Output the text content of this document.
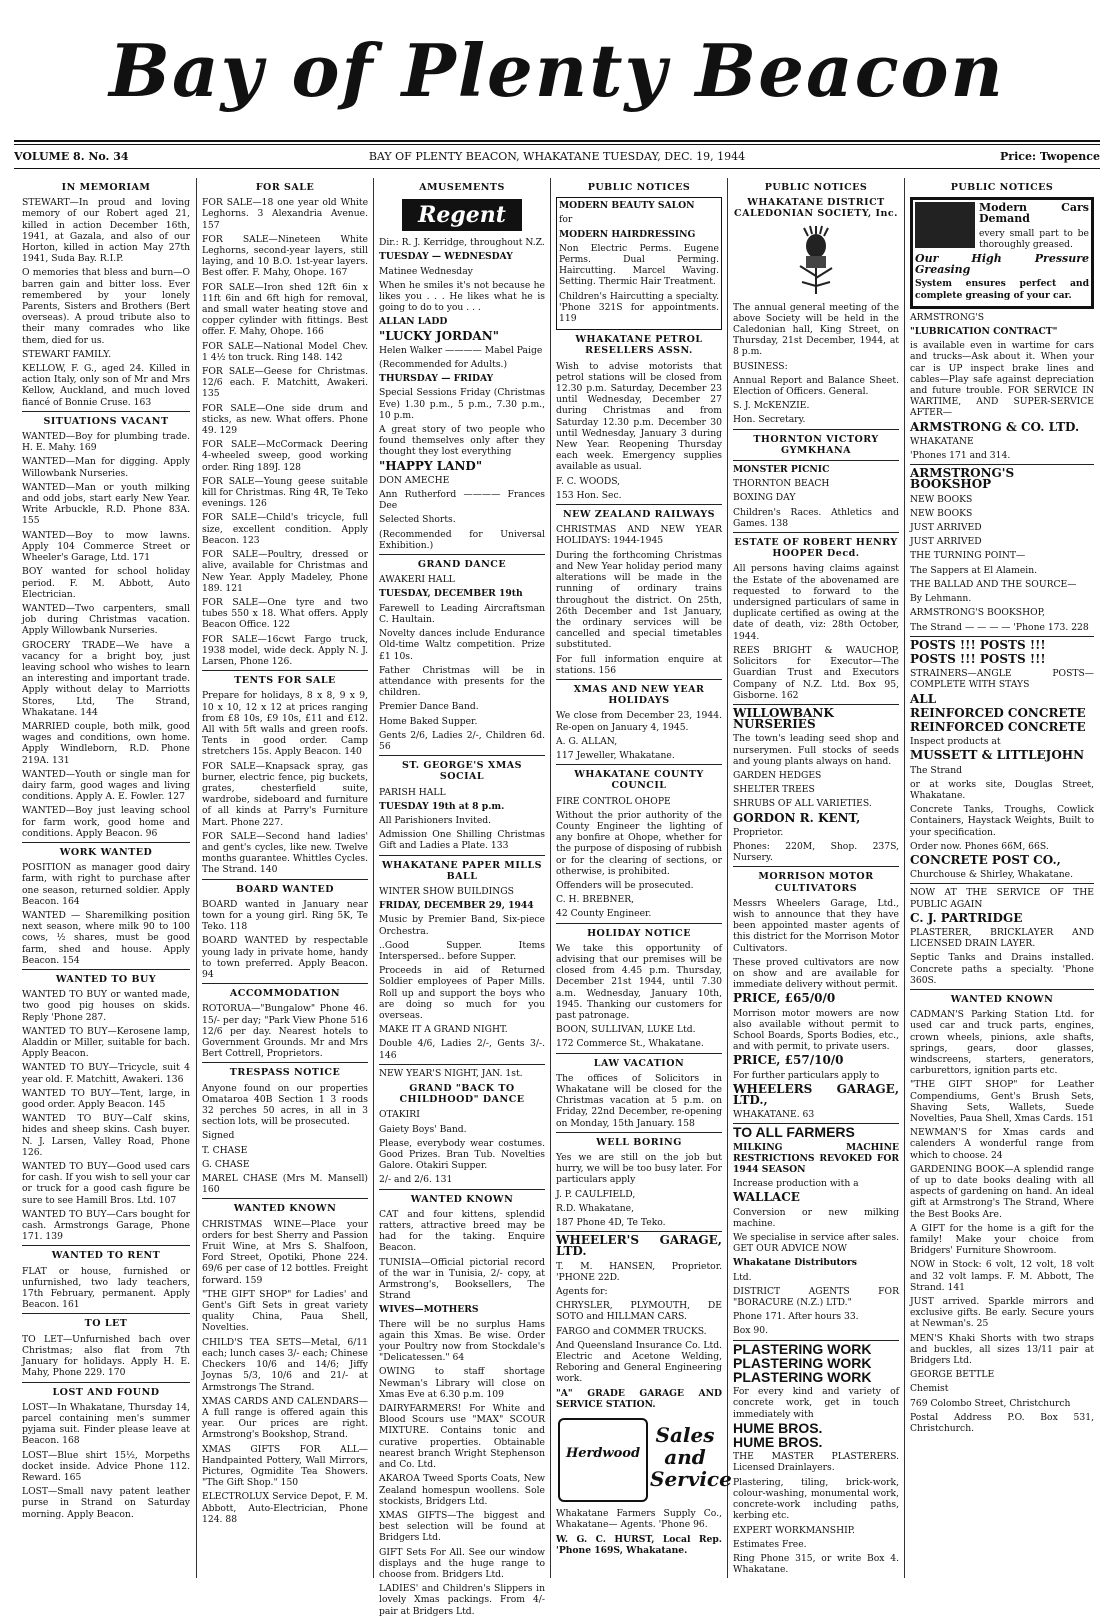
Bay of Plenty Beacon
VOLUME 8. No. 34	BAY OF PLENTY BEACON, WHAKATANE TUESDAY, DEC. 19, 1944	Price: Twopence
IN MEMORIAM

STEWART—In proud and loving memory of our Robert aged 21, killed in action December 16th, 1941, at Gazala, and also of our Horton, killed in action May 27th 1941, Suda Bay. R.I.P.

O memories that bless and burn—O barren gain and bitter loss. Ever remembered by your lonely Parents, Sisters and Brothers (Bert overseas). A proud tribute also to their many comrades who like them, died for us.

STEWART FAMILY.

KELLOW, F. G., aged 24. Killed in action Italy, only son of Mr and Mrs Kellow, Auckland, and much loved fiancé of Bonnie Cruse. 163

SITUATIONS VACANT

WANTED—Boy for plumbing trade. H. E. Mahy. 169

WANTED—Man for digging. Apply Willowbank Nurseries.

WANTED—Man or youth milking and odd jobs, start early New Year. Write Arbuckle, R.D. Phone 83A. 155

WANTED—Boy to mow lawns. Apply 104 Commerce Street or Wheeler's Garage, Ltd. 171

BOY wanted for school holiday period. F. M. Abbott, Auto Electrician.

WANTED—Two carpenters, small job during Christmas vacation. Apply Willowbank Nurseries.

GROCERY TRADE—We have a vacancy for a bright boy, just leaving school who wishes to learn an interesting and important trade. Apply without delay to Marriotts Stores, Ltd, The Strand, Whakatane. 144

MARRIED couple, both milk, good wages and conditions, own home. Apply Windleborn, R.D. Phone 219A. 131

WANTED—Youth or single man for dairy farm, good wages and living conditions. Apply A. E. Fowler. 127

WANTED—Boy just leaving school for farm work, good home and conditions. Apply Beacon. 96

WORK WANTED

POSITION as manager good dairy farm, with right to purchase after one season, returned soldier. Apply Beacon. 164

WANTED — Sharemilking position next season, where milk 90 to 100 cows, ½ shares, must be good farm, shed and house. Apply Beacon. 154

WANTED TO BUY

WANTED TO BUY or wanted made, two good pig houses on skids. Reply 'Phone 287.

WANTED TO BUY—Kerosene lamp, Aladdin or Miller, suitable for bach. Apply Beacon.

WANTED TO BUY—Tricycle, suit 4 year old. F. Matchitt, Awakeri. 136

WANTED TO BUY—Tent, large, in good order. Apply Beacon. 145

WANTED TO BUY—Calf skins, hides and sheep skins. Cash buyer. N. J. Larsen, Valley Road, Phone 126.

WANTED TO BUY—Good used cars for cash. If you wish to sell your car or truck for a good cash figure be sure to see Hamill Bros. Ltd. 107

WANTED TO BUY—Cars bought for cash. Armstrongs Garage, Phone 171. 139

WANTED TO RENT

FLAT or house, furnished or unfurnished, two lady teachers, 17th February, permanent. Apply Beacon. 161

TO LET

TO LET—Unfurnished bach over Christmas; also flat from 7th January for holidays. Apply H. E. Mahy, Phone 229. 170

LOST AND FOUND

LOST—In Whakatane, Thursday 14, parcel containing men's summer pyjama suit. Finder please leave at Beacon. 168

LOST—Blue shirt 15½, Morpeths docket inside. Advice Phone 112. Reward. 165

LOST—Small navy patent leather purse in Strand on Saturday morning. Apply Beacon.

FOR SALE

FOR SALE—18 one year old White Leghorns. 3 Alexandria Avenue. 157

FOR SALE—Nineteen White Leghorns, second-year layers, still laying, and 10 B.O. 1st-year layers. Best offer. F. Mahy, Ohope. 167

FOR SALE—Iron shed 12ft 6in x 11ft 6in and 6ft high for removal, and small water heating stove and copper cylinder with fittings. Best offer. F. Mahy, Ohope. 166

FOR SALE—National Model Chev. 1 4½ ton truck. Ring 148. 142

FOR SALE—Geese for Christmas. 12/6 each. F. Matchitt, Awakeri. 135

FOR SALE—One side drum and sticks, as new. What offers. Phone 49. 129

FOR SALE—McCormack Deering 4-wheeled sweep, good working order. Ring 189J. 128

FOR SALE—Young geese suitable kill for Christmas. Ring 4R, Te Teko evenings. 126

FOR SALE—Child's tricycle, full size, excellent condition. Apply Beacon. 123

FOR SALE—Poultry, dressed or alive, available for Christmas and New Year. Apply Madeley, Phone 189. 121

FOR SALE—One tyre and two tubes 550 x 18. What offers. Apply Beacon Office. 122

FOR SALE—16cwt Fargo truck, 1938 model, wide deck. Apply N. J. Larsen, Phone 126.

TENTS FOR SALE

Prepare for holidays, 8 x 8, 9 x 9, 10 x 10, 12 x 12 at prices ranging from £8 10s, £9 10s, £11 and £12. All with 5ft walls and green roofs. Tents in good order. Camp stretchers 15s. Apply Beacon. 140

FOR SALE—Knapsack spray, gas burner, electric fence, pig buckets, grates, chesterfield suite, wardrobe, sideboard and furniture of all kinds at Parry's Furniture Mart. Phone 227.

FOR SALE—Second hand ladies' and gent's cycles, like new. Twelve months guarantee. Whittles Cycles. The Strand. 140

BOARD WANTED

BOARD wanted in January near town for a young girl. Ring 5K, Te Teko. 118

BOARD WANTED by respectable young lady in private home, handy to town preferred. Apply Beacon. 94

ACCOMMODATION

ROTORUA—"Bungalow" Phone 46. 15/- per day; "Park View Phone 516 12/6 per day. Nearest hotels to Government Grounds. Mr and Mrs Bert Cottrell, Proprietors.

TRESPASS NOTICE

Anyone found on our properties Omataroa 40B Section 1 3 roods 32 perches 50 acres, in all in 3 section lots, will be prosecuted.

Signed

T. CHASE

G. CHASE

MAREL CHASE (Mrs M. Mansell) 160

WANTED KNOWN

CHRISTMAS WINE—Place your orders for best Sherry and Passion Fruit Wine, at Mrs S. Shalfoon, Ford Street, Opotiki, Phone 224. 69/6 per case of 12 bottles. Freight forward. 159

"THE GIFT SHOP" for Ladies' and Gent's Gift Sets in great variety quality China, Paua Shell, Novelties.

CHILD'S TEA SETS—Metal, 6/11 each; lunch cases 3/- each; Chinese Checkers 10/6 and 14/6; Jiffy Joynas 5/3, 10/6 and 21/- at Armstrongs The Strand.

XMAS CARDS AND CALENDARS—A full range is offered again this year. Our prices are right. Armstrong's Bookshop, Strand.

XMAS GIFTS FOR ALL—Handpainted Pottery, Wall Mirrors, Pictures, Ogmidite Tea Showers. "The Gift Shop." 150

ELECTROLUX Service Depot, F. M. Abbott, Auto-Electrician, Phone 124. 88

AMUSEMENTS
Regent

Dir.: R. J. Kerridge, throughout N.Z.

TUESDAY — WEDNESDAY

Matinee Wednesday

When he smiles it's not because he likes you . . . He likes what he is going to do to you . . .

ALLAN LADD

"LUCKY JORDAN"

Helen Walker ———— Mabel Paige

(Recommended for Adults.)

THURSDAY — FRIDAY

Special Sessions Friday (Christmas Eve) 1.30 p.m., 5 p.m., 7.30 p.m., 10 p.m.

A great story of two people who found themselves only after they thought they lost everything

"HAPPY LAND"

DON AMECHE

Ann Rutherford ———— Frances Dee

Selected Shorts.

(Recommended for Universal Exhibition.)

GRAND DANCE

AWAKERI HALL

TUESDAY, DECEMBER 19th

Farewell to Leading Aircraftsman C. Haultain.

Novelty dances include Endurance Old-time Waltz competition. Prize £1 10s.

Father Christmas will be in attendance with presents for the children.

Premier Dance Band.

Home Baked Supper.

Gents 2/6, Ladies 2/-, Children 6d. 56

ST. GEORGE'S XMAS SOCIAL

PARISH HALL

TUESDAY 19th at 8 p.m.

All Parishioners Invited.

Admission One Shilling Christmas Gift and Ladies a Plate. 133

WHAKATANE PAPER MILLS BALL

WINTER SHOW BUILDINGS

FRIDAY, DECEMBER 29, 1944

Music by Premier Band, Six-piece Orchestra.

..Good Supper. Items Interspersed.. before Supper.

Proceeds in aid of Returned Soldier employees of Paper Mills. Roll up and support the boys who are doing so much for you overseas.

MAKE IT A GRAND NIGHT.

Double 4/6, Ladies 2/-, Gents 3/-. 146

NEW YEAR'S NIGHT, JAN. 1st.

GRAND "BACK TO CHILDHOOD" DANCE

OTAKIRI

Gaiety Boys' Band.

Please, everybody wear costumes. Good Prizes. Bran Tub. Novelties Galore. Otakiri Supper.

2/- and 2/6. 131

WANTED KNOWN

CAT and four kittens, splendid ratters, attractive breed may be had for the taking. Enquire Beacon.

TUNISIA—Official pictorial record of the war in Tunisia, 2/- copy, at Armstrong's, Booksellers, The Strand

WIVES—MOTHERS

There will be no surplus Hams again this Xmas. Be wise. Order your Poultry now from Stockdale's "Delicatessen." 64

OWING to staff shortage Newman's Library will close on Xmas Eve at 6.30 p.m. 109

DAIRYFARMERS! For White and Blood Scours use "MAX" SCOUR MIXTURE. Contains tonic and curative properties. Obtainable nearest branch Wright Stephenson and Co. Ltd.

AKAROA Tweed Sports Coats, New Zealand homespun woollens. Sole stockists, Bridgers Ltd.

XMAS GIFTS—The biggest and best selection will be found at Bridgers Ltd.

GIFT Sets For All. See our window displays and the huge range to choose from. Bridgers Ltd.

LADIES' and Children's Slippers in lovely Xmas packings. From 4/- pair at Bridgers Ltd.

PUBLIC NOTICES

MODERN BEAUTY SALON

for

MODERN HAIRDRESSING

Non Electric Perms. Eugene Perms. Dual Perming. Haircutting. Marcel Waving. Setting. Thermic Hair Treatment.

Children's Haircutting a specialty. 'Phone 321S for appointments. 119

WHAKATANE PETROL RESELLERS ASSN.

Wish to advise motorists that petrol stations will be closed from 12.30 p.m. Saturday, December 23 until Wednesday, December 27 during Christmas and from Saturday 12.30 p.m. December 30 until Wednesday, January 3 during New Year. Reopening Thursday each week. Emergency supplies available as usual.

F. C. WOODS,

153 Hon. Sec.

NEW ZEALAND RAILWAYS

CHRISTMAS AND NEW YEAR HOLIDAYS: 1944-1945

During the forthcoming Christmas and New Year holiday period many alterations will be made in the running of ordinary trains throughout the district. On 25th, 26th December and 1st January, the ordinary services will be cancelled and special timetables substituted.

For full information enquire at stations. 156

XMAS AND NEW YEAR HOLIDAYS

We close from December 23, 1944. Re-open on January 4, 1945.

A. G. ALLAN,

117 Jeweller, Whakatane.

WHAKATANE COUNTY COUNCIL

FIRE CONTROL OHOPE

Without the prior authority of the County Engineer the lighting of any bonfire at Ohope, whether for the purpose of disposing of rubbish or for the clearing of sections, or otherwise, is prohibited.

Offenders will be prosecuted.

C. H. BREBNER,

42 County Engineer.

HOLIDAY NOTICE

We take this opportunity of advising that our premises will be closed from 4.45 p.m. Thursday, December 21st 1944, until 7.30 a.m. Wednesday, January 10th, 1945. Thanking our customers for past patronage.

BOON, SULLIVAN, LUKE Ltd.

172 Commerce St., Whakatane.

LAW VACATION

The offices of Solicitors in Whakatane will be closed for the Christmas vacation at 5 p.m. on Friday, 22nd December, re-opening on Monday, 15th January. 158

WELL BORING

Yes we are still on the job but hurry, we will be too busy later. For particulars apply

J. P. CAULFIELD,

R.D. Whakatane,

187 Phone 4D, Te Teko.

WHEELER'S GARAGE, LTD.

T. M. HANSEN, Proprietor. 'PHONE 22D.

Agents for:

CHRYSLER, PLYMOUTH, DE SOTO and HILLMAN CARS.

FARGO and COMMER TRUCKS.

And Queensland Insurance Co. Ltd. Electric and Acetone Welding, Reboring and General Engineering work.

"A" GRADE GARAGE AND SERVICE STATION.

Herdwood
Sales and Service

Whakatane Farmers Supply Co., Whakatane— Agents. 'Phone 96.

W. G. C. HURST, Local Rep. 'Phone 169S, Whakatane.

PUBLIC NOTICES
WHAKATANE DISTRICT CALEDONIAN SOCIETY, Inc.

The annual general meeting of the above Society will be held in the Caledonian hall, King Street, on Thursday, 21st December, 1944, at 8 p.m.

BUSINESS:

Annual Report and Balance Sheet. Election of Officers. General.

S. J. McKENZIE.

Hon. Secretary.

THORNTON VICTORY GYMKHANA

MONSTER PICNIC

THORNTON BEACH

BOXING DAY

Children's Races. Athletics and Games. 138

ESTATE OF ROBERT HENRY HOOPER Decd.

All persons having claims against the Estate of the abovenamed are requested to forward to the undersigned particulars of same in duplicate certified as owing at the date of death, viz: 28th October, 1944.

REES BRIGHT & WAUCHOP, Solicitors for Executor—The Guardian Trust and Executors Company of N.Z. Ltd. Box 95, Gisborne. 162

WILLOWBANK NURSERIES

The town's leading seed shop and nurserymen. Full stocks of seeds and young plants always on hand.

GARDEN HEDGES

SHELTER TREES

SHRUBS OF ALL VARIETIES.

GORDON R. KENT,

Proprietor.

Phones: 220M, Shop. 237S, Nursery.

MORRISON MOTOR CULTIVATORS

Messrs Wheelers Garage, Ltd., wish to announce that they have been appointed master agents of this district for the Morrison Motor Cultivators.

These proved cultivators are now on show and are available for immediate delivery without permit.

PRICE, £65/0/0

Morrison motor mowers are now also available without permit to School Boards, Sports Bodies, etc., and with permit, to private users.

PRICE, £57/10/0

For further particulars apply to

WHEELERS GARAGE, LTD.,

WHAKATANE. 63

TO ALL FARMERS

MILKING MACHINE RESTRICTIONS REVOKED FOR 1944 SEASON

Increase production with a

WALLACE

Conversion or new milking machine.

We specialise in service after sales. GET OUR ADVICE NOW

Whakatane Distributors

Ltd.

DISTRICT AGENTS FOR "BORACURE (N.Z.) LTD."

Phone 171. After hours 33.

Box 90.

PLASTERING WORK

PLASTERING WORK

PLASTERING WORK

For every kind and variety of concrete work, get in touch immediately with

HUME BROS.

HUME BROS.

THE MASTER PLASTERERS. Licensed Drainlayers.

Plastering, tiling, brick-work, colour-washing, monumental work, concrete-work including paths, kerbing etc.

EXPERT WORKMANSHIP.

Estimates Free.

Ring Phone 315, or write Box 4. Whakatane.

PUBLIC NOTICES

Modern Cars Demand

every small part to be thoroughly greased.

Our High Pressure Greasing

System ensures perfect and complete greasing of your car.

ARMSTRONG'S

"LUBRICATION CONTRACT"

is available even in wartime for cars and trucks—Ask about it. When your car is UP inspect brake lines and cables—Play safe against depreciation and future trouble. FOR SERVICE IN WARTIME, AND SUPER-SERVICE AFTER—

ARMSTRONG & CO. LTD.

WHAKATANE

'Phones 171 and 314.

ARMSTRONG'S BOOKSHOP

NEW BOOKS

NEW BOOKS

JUST ARRIVED

JUST ARRIVED

THE TURNING POINT—

The Sappers at El Alamein.

THE BALLAD AND THE SOURCE—

By Lehmann.

ARMSTRONG'S BOOKSHOP,

The Strand — — — — 'Phone 173. 228

POSTS !!! POSTS !!!

POSTS !!! POSTS !!!

STRAINERS—ANGLE POSTS— COMPLETE WITH STAYS

ALL

REINFORCED CONCRETE

REINFORCED CONCRETE

Inspect products at

MUSSETT & LITTLEJOHN

The Strand

or at works site, Douglas Street, Whakatane.

Concrete Tanks, Troughs, Cowlick Containers, Haystack Weights, Built to your specification.

Order now. Phones 66M, 66S.

CONCRETE POST CO.,

Churchouse & Shirley, Whakatane.

NOW AT THE SERVICE OF THE PUBLIC AGAIN

C. J. PARTRIDGE

PLASTERER, BRICKLAYER AND LICENSED DRAIN LAYER.

Septic Tanks and Drains installed. Concrete paths a specialty. 'Phone 360S.

WANTED KNOWN

CADMAN'S Parking Station Ltd. for used car and truck parts, engines, crown wheels, pinions, axle shafts, springs, gears, door glasses, windscreens, starters, generators, carburettors, ignition parts etc.

"THE GIFT SHOP" for Leather Compendiums, Gent's Brush Sets, Shaving Sets, Wallets, Suede Novelties, Paua Shell, Xmas Cards. 151

NEWMAN'S for Xmas cards and calenders A wonderful range from which to choose. 24

GARDENING BOOK—A splendid range of up to date books dealing with all aspects of gardening on hand. An ideal gift at Armstrong's The Strand, Where the Best Books Are.

A GIFT for the home is a gift for the family! Make your choice from Bridgers' Furniture Showroom.

NOW in Stock: 6 volt, 12 volt, 18 volt and 32 volt lamps. F. M. Abbott, The Strand. 141

JUST arrived. Sparkle mirrors and exclusive gifts. Be early. Secure yours at Newman's. 25

MEN'S Khaki Shorts with two straps and buckles, all sizes 13/11 pair at Bridgers Ltd.

GEORGE BETTLE

Chemist

769 Colombo Street, Christchurch

Postal Address P.O. Box 531, Christchurch.
